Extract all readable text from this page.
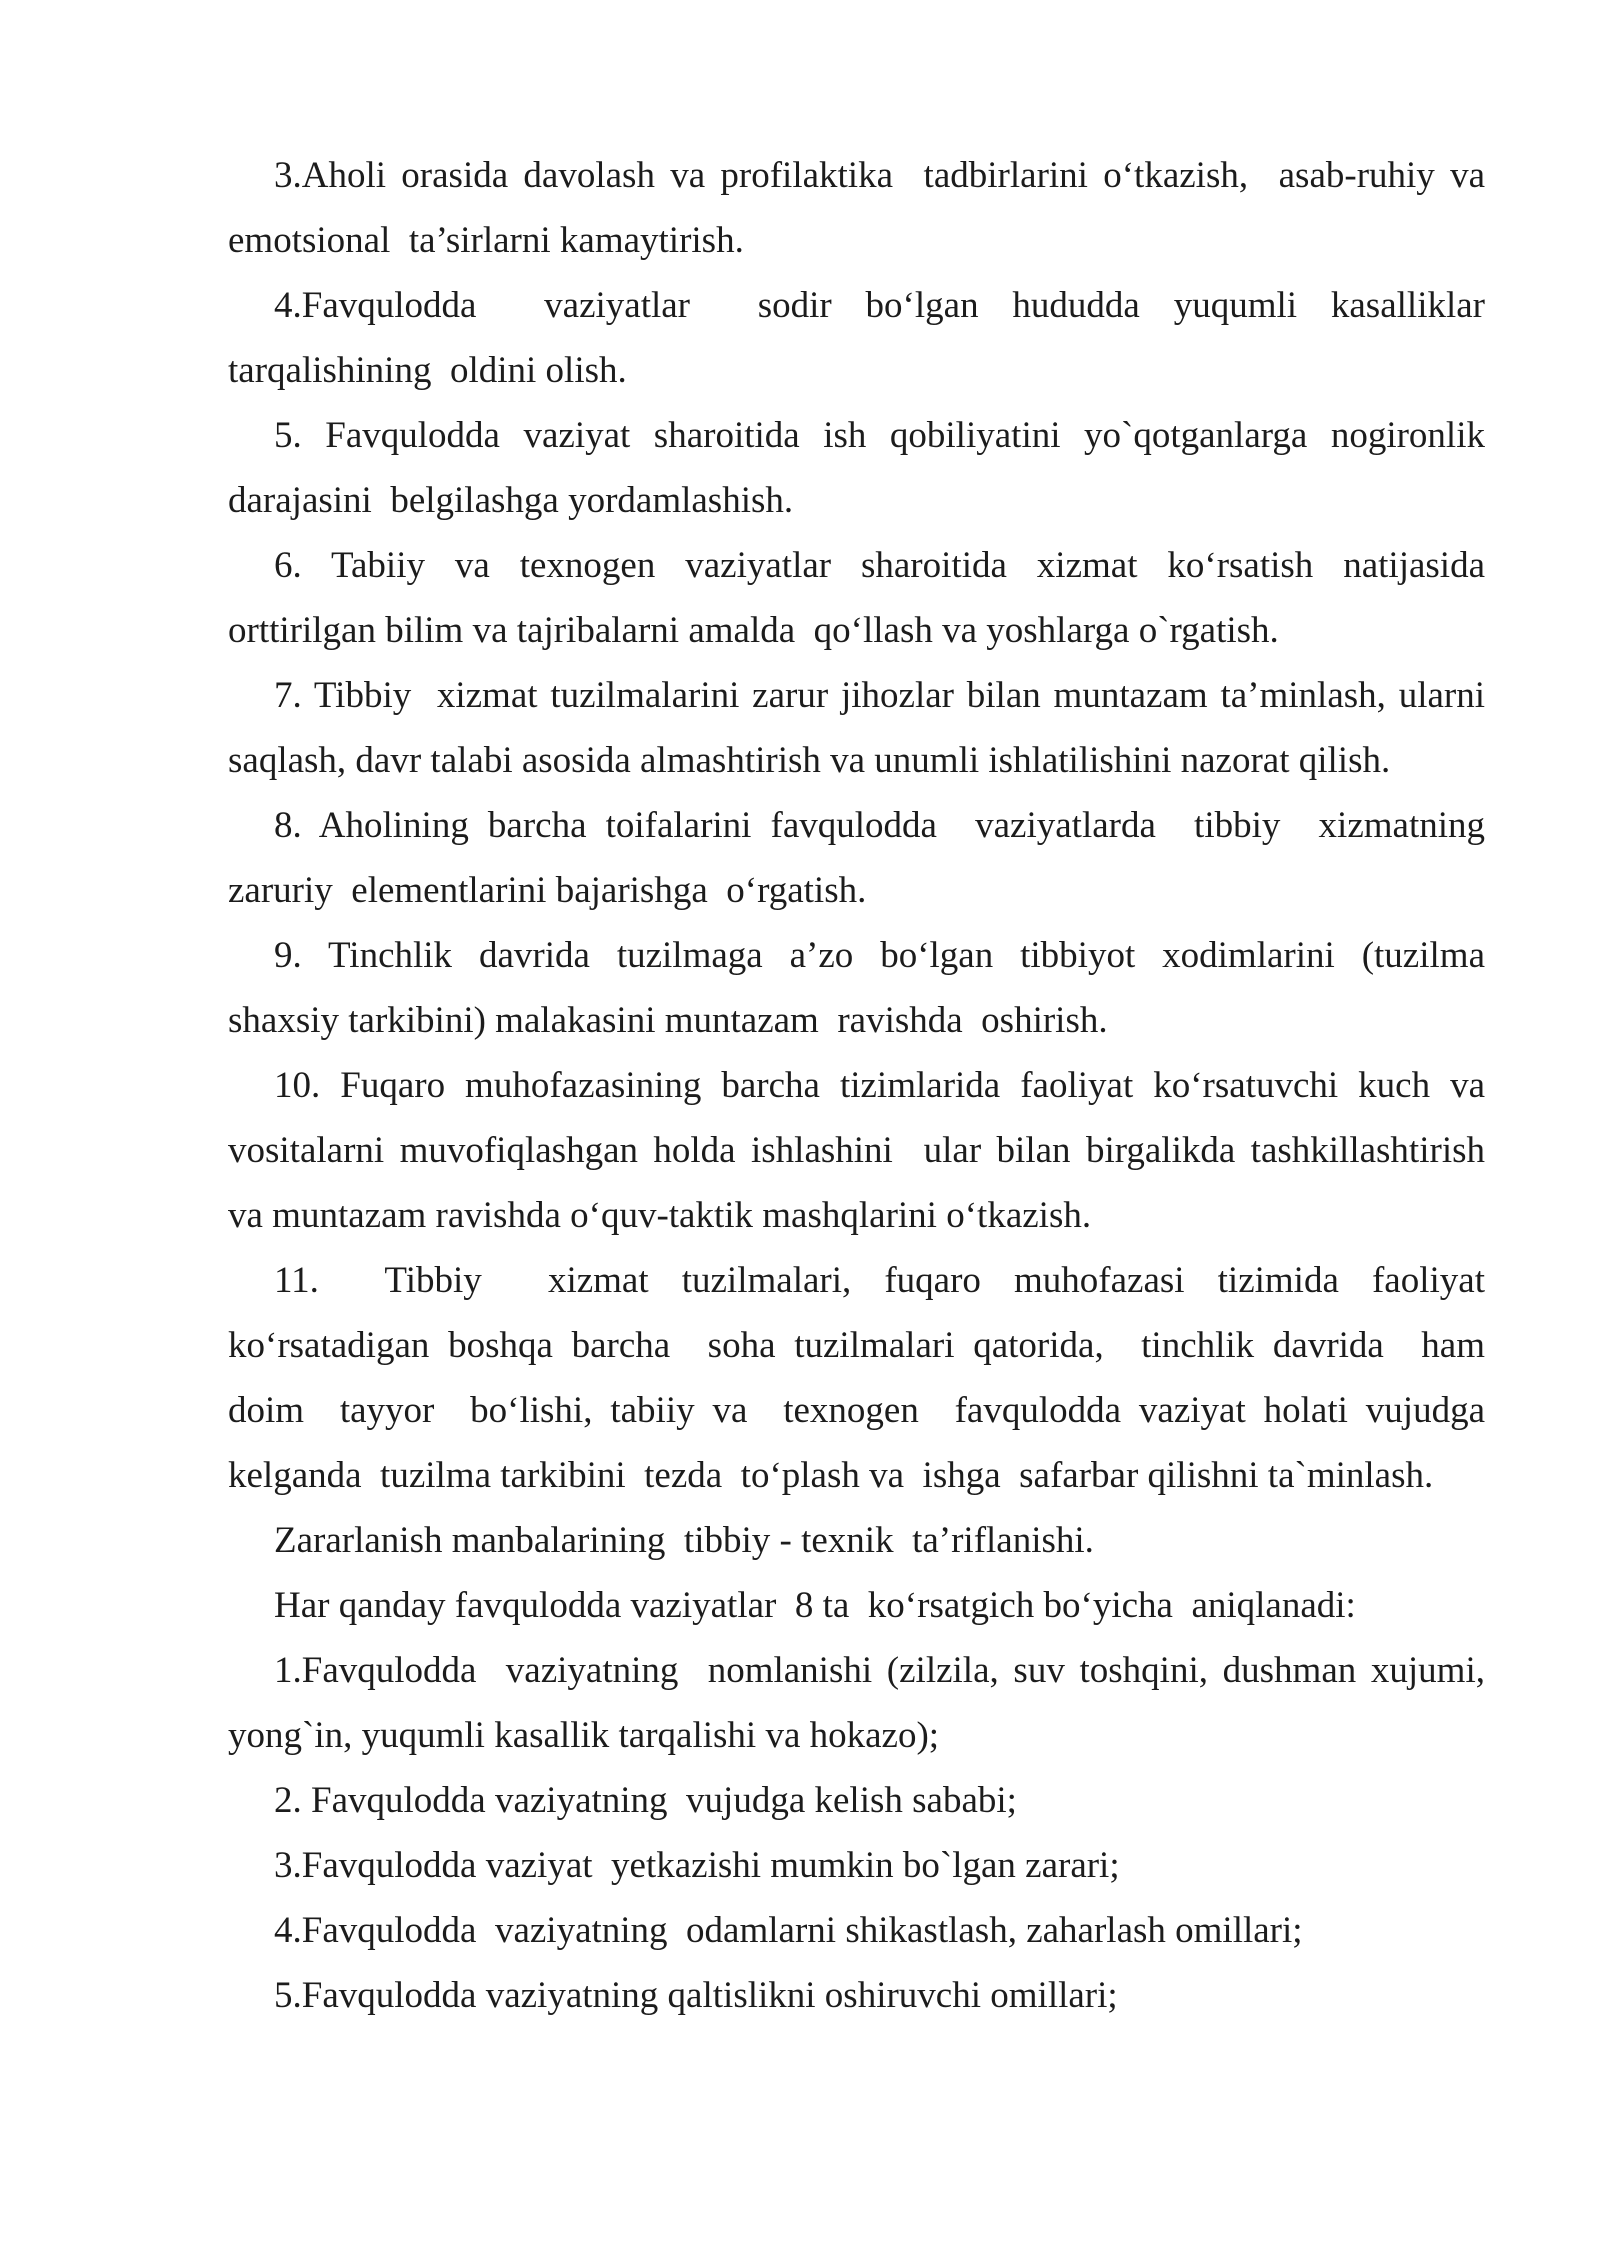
3.Aholi orasida davolash va profilaktika  tadbirlarini o‘tkazish,  asab-ruhiy va
emotsional  ta’sirlarni kamaytirish.
4.Favqulodda  vaziyatlar  sodir bo‘lgan hududda yuqumli kasalliklar
tarqalishining  oldini olish.
5. Favqulodda vaziyat sharoitida ish qobiliyatini yo`qotganlarga nogironlik
darajasini  belgilashga yordamlashish.
6. Tabiiy va texnogen vaziyatlar sharoitida xizmat ko‘rsatish natijasida
orttirilgan bilim va tajribalarni amalda  qo‘llash va yoshlarga o`rgatish.
7. Tibbiy  xizmat tuzilmalarini zarur jihozlar bilan muntazam ta’minlash, ularni
saqlash, davr talabi asosida almashtirish va unumli ishlatilishini nazorat qilish.
8. Aholining barcha toifalarini favqulodda  vaziyatlarda  tibbiy  xizmatning
zaruriy  elementlarini bajarishga  o‘rgatish.
9. Tinchlik davrida tuzilmaga a’zo bo‘lgan tibbiyot xodimlarini (tuzilma
shaxsiy tarkibini) malakasini muntazam  ravishda  oshirish.
10. Fuqaro muhofazasining barcha tizimlarida faoliyat ko‘rsatuvchi kuch va
vositalarni muvofiqlashgan holda ishlashini  ular bilan birgalikda tashkillashtirish
va muntazam ravishda o‘quv-taktik mashqlarini o‘tkazish.
11.  Tibbiy  xizmat tuzilmalari, fuqaro muhofazasi tizimida faoliyat
ko‘rsatadigan boshqa barcha  soha tuzilmalari qatorida,  tinchlik davrida  ham
doim  tayyor  bo‘lishi, tabiiy va  texnogen  favqulodda vaziyat holati vujudga
kelganda  tuzilma tarkibini  tezda  to‘plash va  ishga  safarbar qilishni ta`minlash.
Zararlanish manbalarining  tibbiy - texnik  ta’riflanishi.
Har qanday favqulodda vaziyatlar  8 ta  ko‘rsatgich bo‘yicha  aniqlanadi:
1.Favqulodda  vaziyatning  nomlanishi (zilzila, suv toshqini, dushman xujumi,
yong`in, yuqumli kasallik tarqalishi va hokazo);
2. Favqulodda vaziyatning  vujudga kelish sababi;
3.Favqulodda vaziyat  yetkazishi mumkin bo`lgan zarari;
4.Favqulodda  vaziyatning  odamlarni shikastlash, zaharlash omillari;
5.Favqulodda vaziyatning qaltislikni oshiruvchi omillari;
